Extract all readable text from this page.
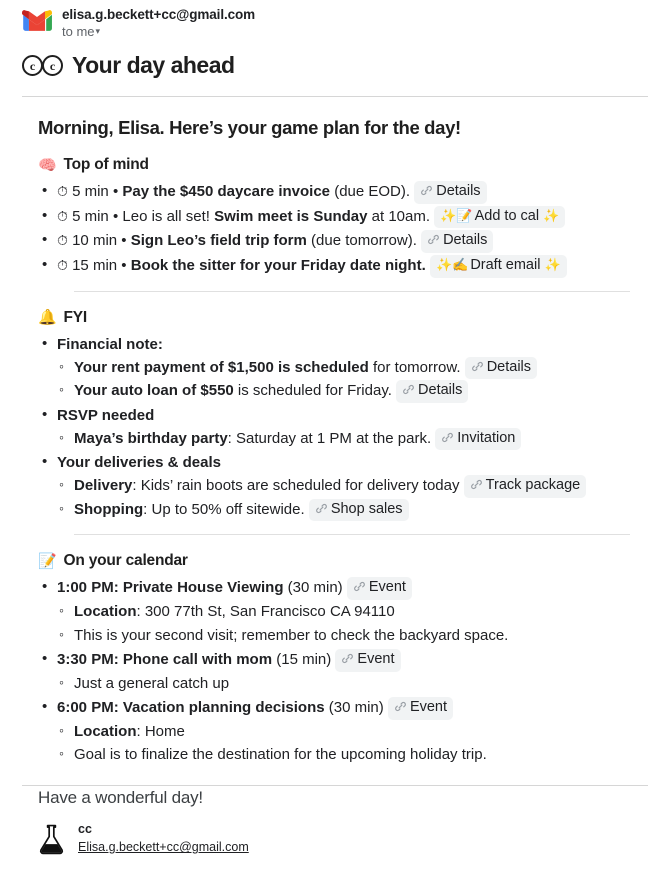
elisa.g.beckett+cc@gmail.com
to me▾
c	c Your day ahead
Morning, Elisa. Here’s your game plan for the day!
🧠 Top of mind
• ⏱ 5 min • Pay the $450 daycare invoice (due EOD). Details
• ⏱ 5 min • Leo is all set! Swim meet is Sunday at 10am. ✨📝 Add to cal ✨
• ⏱ 10 min • Sign Leo’s field trip form (due tomorrow). Details
• ⏱ 15 min • Book the sitter for your Friday date night. ✨✍️ Draft email ✨
🔔 FYI
• Financial note:
◦ Your rent payment of $1,500 is scheduled for tomorrow. Details
◦ Your auto loan of $550 is scheduled for Friday. Details
• RSVP needed
◦ Maya’s birthday party: Saturday at 1 PM at the park. Invitation
• Your deliveries & deals
◦ Delivery: Kids’ rain boots are scheduled for delivery today Track package
◦ Shopping: Up to 50% off sitewide. Shop sales
📝 On your calendar
• 1:00 PM: Private House Viewing (30 min) Event
◦ Location: 300 77th St, San Francisco CA 94110
◦ This is your second visit; remember to check the backyard space.
• 3:30 PM: Phone call with mom (15 min) Event
◦ Just a general catch up
• 6:00 PM: Vacation planning decisions (30 min) Event
◦ Location: Home
◦ Goal is to finalize the destination for the upcoming holiday trip.
Have a wonderful day!
cc
Elisa.g.beckett+cc@gmail.com
